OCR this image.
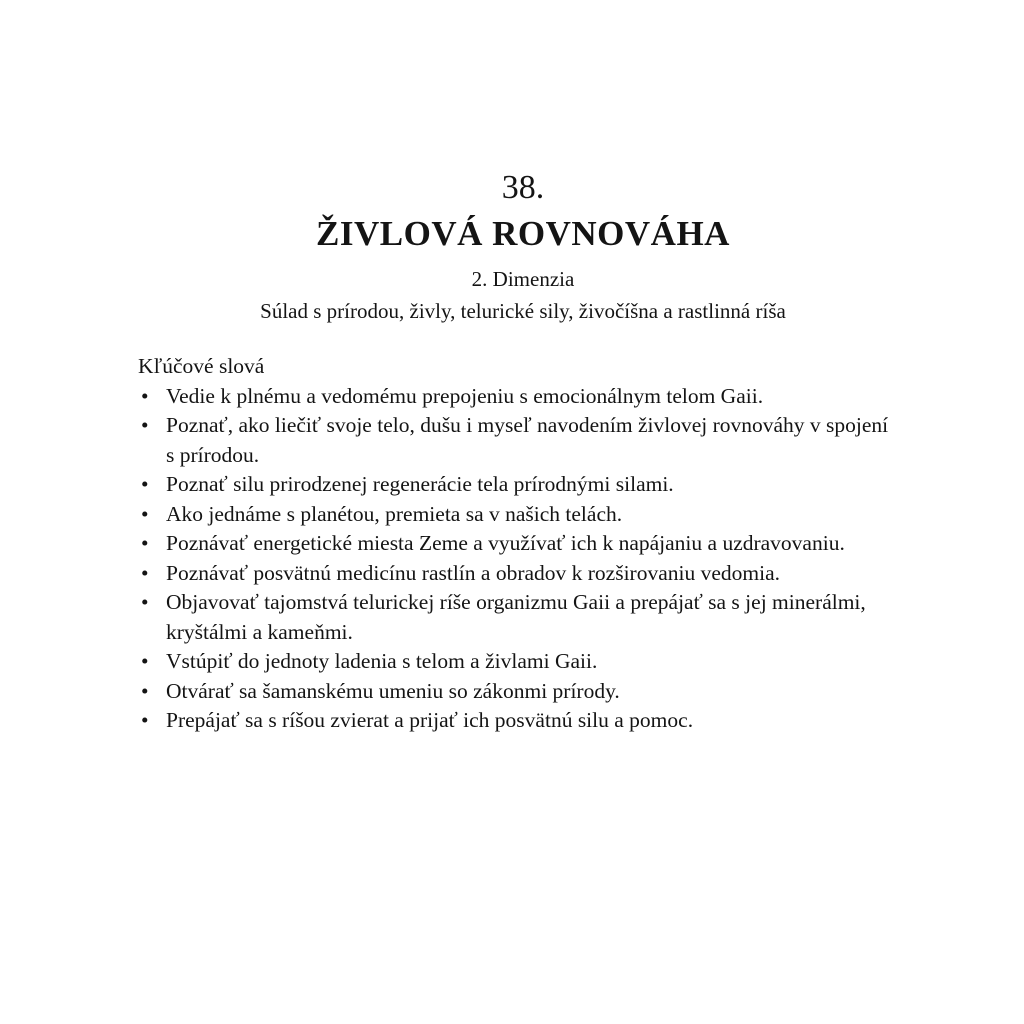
38.
ŽIVLOVÁ ROVNOVÁHA
2. Dimenzia
Súlad s prírodou, živly, telurické sily, živočíšna a rastlinná ríša
Kľúčové slová
• Vedie k plnému a vedomému prepojeniu s emocionálnym telom Gaii.
• Poznať, ako liečiť svoje telo, dušu i myseľ navodením živlovej rovnováhy v spojení s prírodou.
• Poznať silu prirodzenej regenerácie tela prírodnými silami.
• Ako jednáme s planétou, premieta sa v našich telách.
• Poznávať energetické miesta Zeme a využívať ich k napájaniu a uzdravovaniu.
• Poznávať posvätnú medicínu rastlín a obradov k rozširovaniu vedomia.
• Objavovať tajomstvá telurickej ríše organizmu Gaii a prepájať sa s jej minerálmi, kryštálmi a kameňmi.
• Vstúpiť do jednoty ladenia s telom a živlami Gaii.
• Otvárať sa šamanskému umeniu so zákonmi prírody.
• Prepájať sa s ríšou zvierat a prijať ich posvätnú silu a pomoc.
